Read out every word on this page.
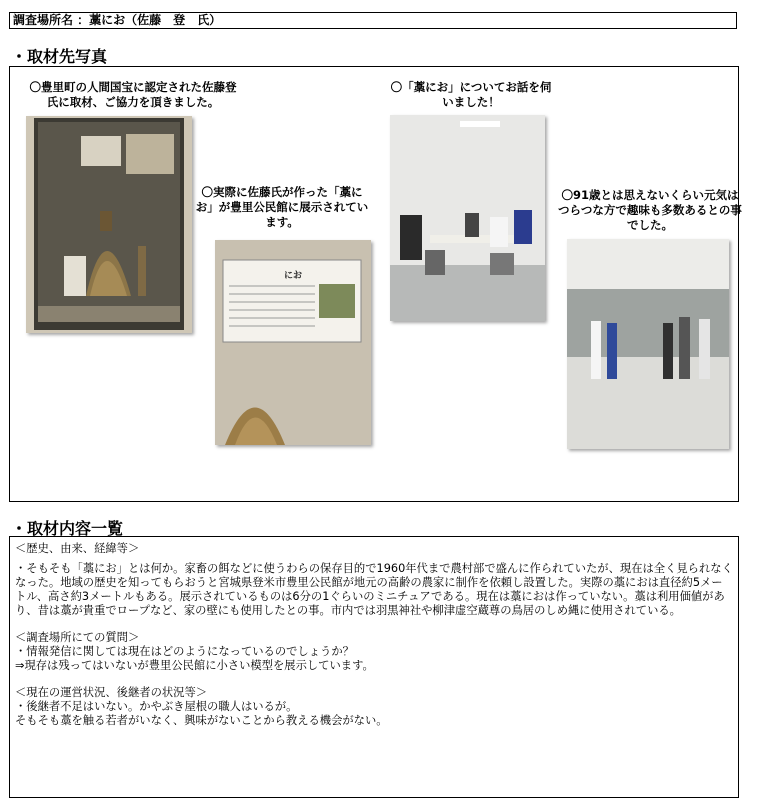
調査場所名 ：藁にお（佐藤　登　氏）
・取材先写真
〇豊里町の人間国宝に認定された佐藤登　氏に取材、ご協力を頂きました。
〇実際に佐藤氏が作った「藁にお」が豊里公民館に展示されています。
にお
〇「藁にお」についてお話を伺いました！
〇91歳とは思えないくらい元気はつらつな方で趣味も多数あるとの事でした。
・取材内容一覧

＜歴史、由来、経緯等＞

・そもそも「藁にお」とは何か。家畜の餌などに使うわらの保存目的で1960年代まで農村部で盛んに作られていたが、現在は全く見られなくなった。地域の歴史を知ってもらおうと宮城県登米市豊里公民館が地元の高齢の農家に制作を依頼し設置した。実際の藁におは直径約5メートル、高さ約3メートルもある。展示されているものは6分の1ぐらいのミニチュアである。現在は藁におは作っていない。藁は利用価値があり、昔は藁が貴重でロープなど、家の壁にも使用したとの事。市内では羽黒神社や柳津虚空蔵尊の鳥居のしめ縄に使用されている。

＜調査場所にての質問＞

・情報発信に関しては現在はどのようになっているのでしょうか？

⇒現存は残ってはいないが豊里公民館に小さい模型を展示しています。

＜現在の運営状況、後継者の状況等＞

・後継者不足はいない。かやぶき屋根の職人はいるが。

そもそも藁を触る若者がいなく、興味がないことから教える機会がない。
